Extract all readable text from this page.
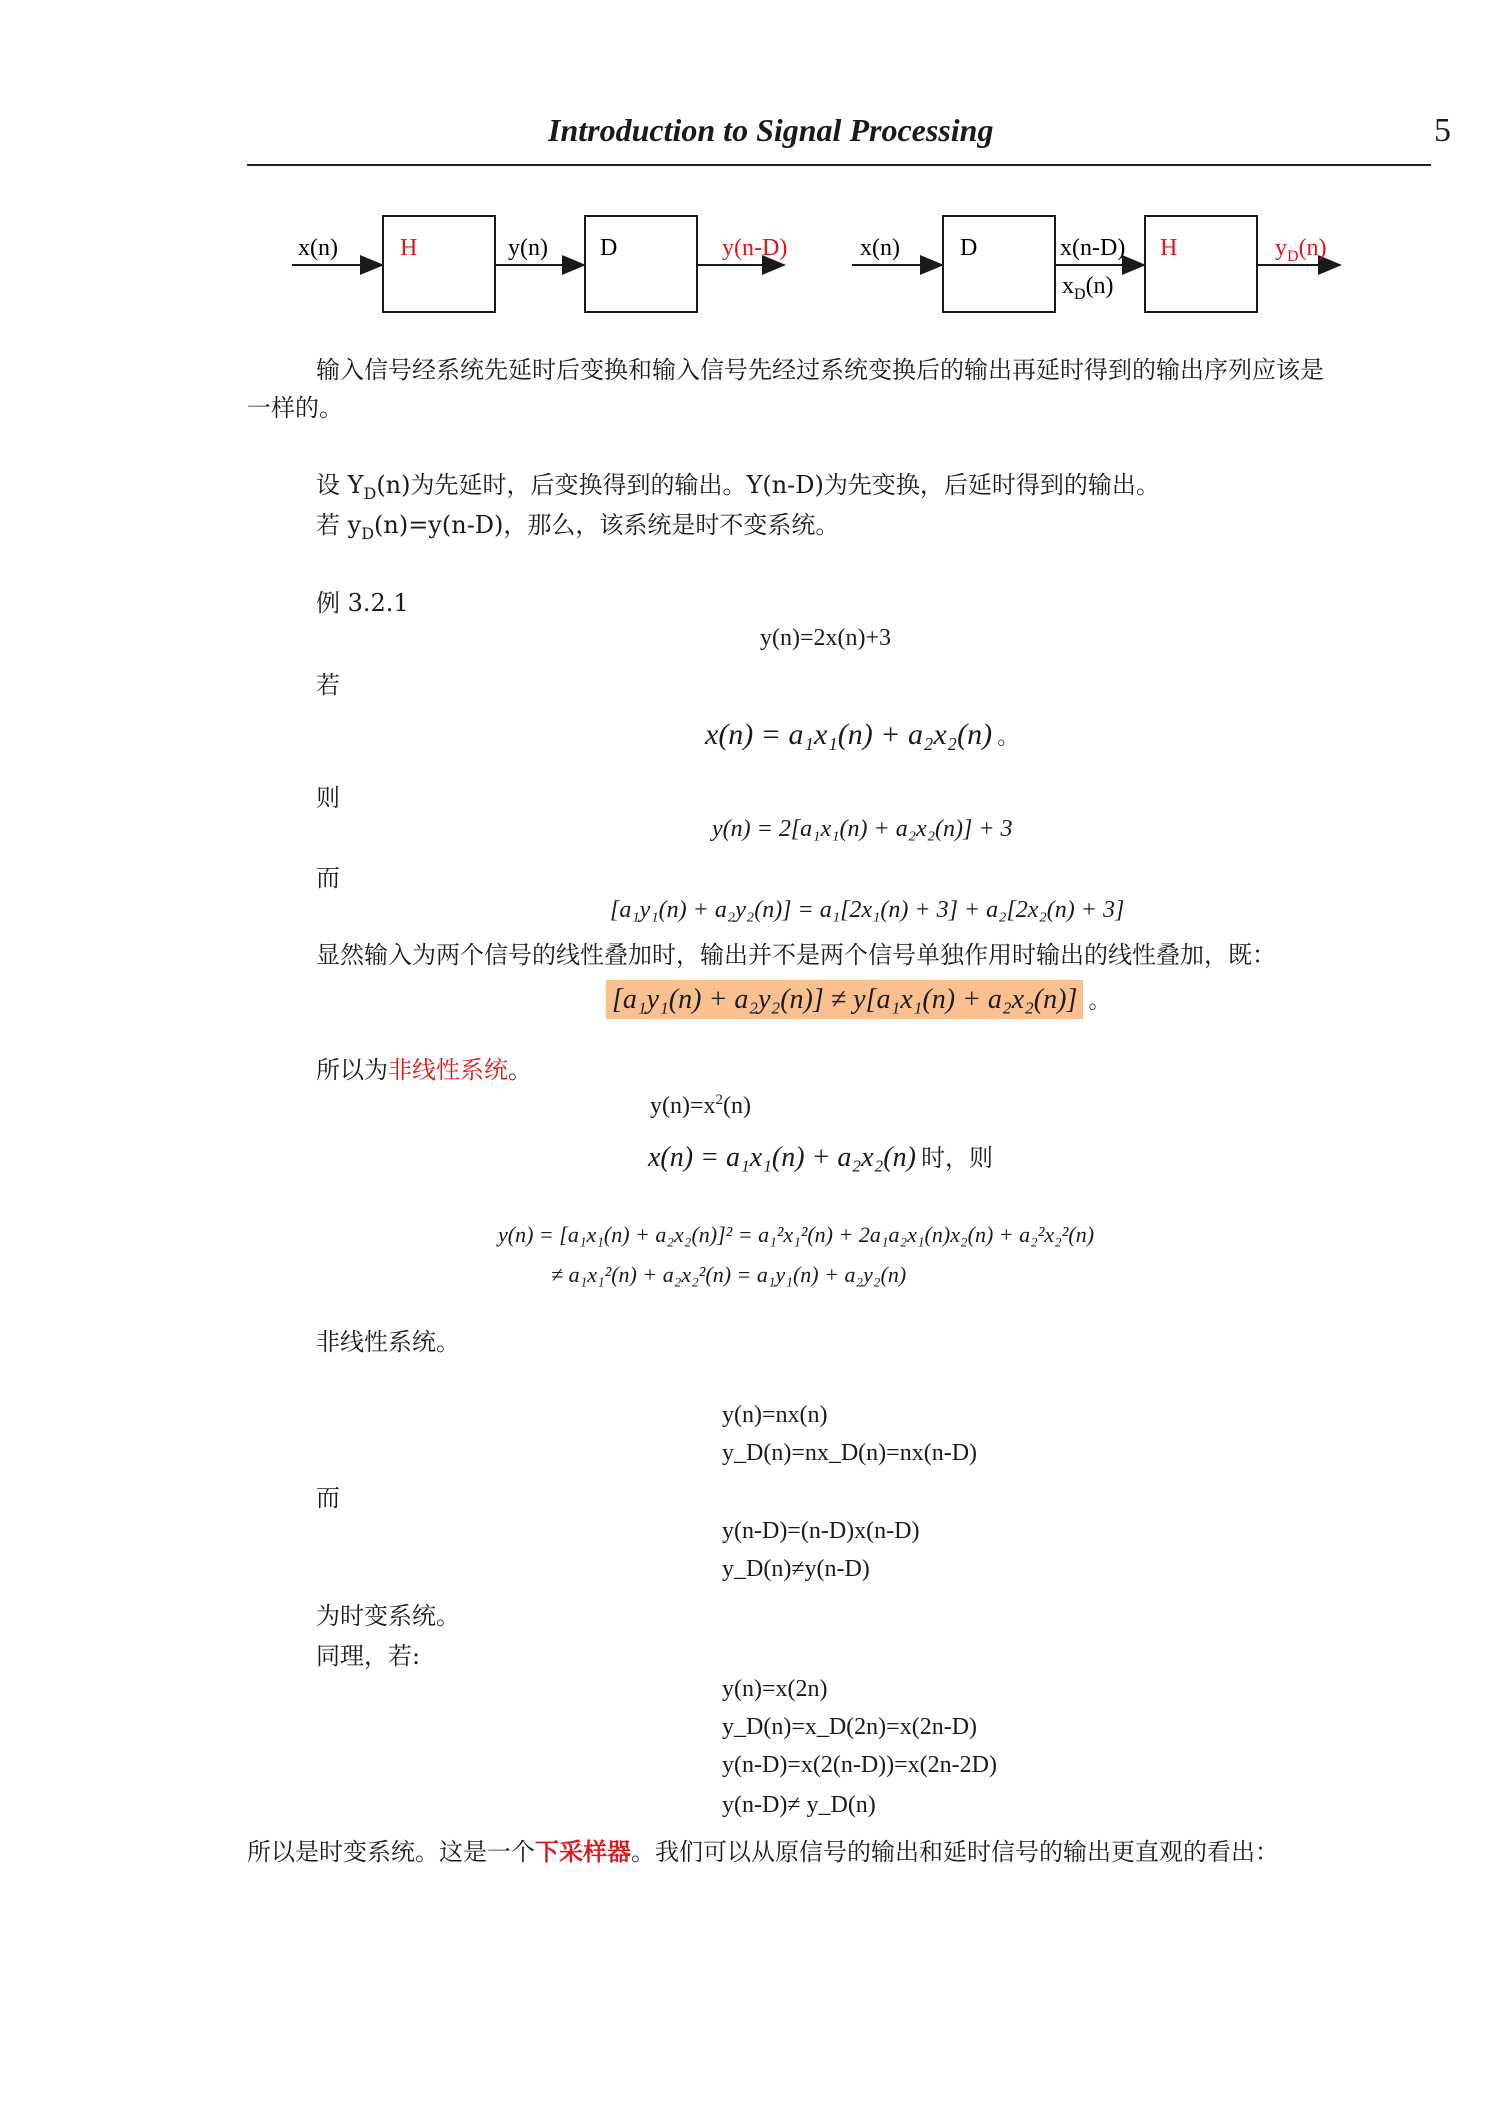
Introduction to Signal Processing	5
x(n)	H	y(n) D	y(n-D)	x(n)	D	x(n-D)
$x_D(n)$
H	$y_D(n)$
输入信号经系统先延时后变换和输入信号先经过系统变换后的输出再延时得到的输出序列应该是
一样的。
设 $Y_D(n)$为先延时，后变换得到的输出。Y(n-D)为先变换，后延时得到的输出。
若 $y_D(n)=y(n-D)$，那么，该系统是时不变系统。
例 3.2.1
y(n)=2x(n)+3
若
x(n) = a₁x₁(n) + a₂x₂(n) 。
则
y(n) = 2[a₁x₁(n) + a₂x₂(n)] + 3
而
[a₁y₁(n) + a₂y₂(n)] = a₁[2x₁(n) + 3] + a₂[2x₂(n) + 3]
显然输入为两个信号的线性叠加时，输出并不是两个信号单独作用时输出的线性叠加，既：
[a₁y₁(n) + a₂y₂(n)] ≠ y[a₁x₁(n) + a₂x₂(n)] 。
所以为非线性系统。
$y(n)=x^2(n)$
x(n) = a₁x₁(n) + a₂x₂(n) 时，则
y(n) = [a₁x₁(n) + a₂x₂(n)]² = a₁²x₁²(n) + 2a₁a₂x₁(n)x₂(n) + a₂²x₂²(n)
≠ a₁x₁²(n) + a₂x₂²(n) = a₁y₁(n) + a₂y₂(n)
非线性系统。
y(n)=nx(n)
y_D(n)=nx_D(n)=nx(n-D)
而
y(n-D)=(n-D)x(n-D)
y_D(n)≠y(n-D)
为时变系统。
同理，若:
y(n)=x(2n)
y_D(n)=x_D(2n)=x(2n-D)
y(n-D)=x(2(n-D))=x(2n-2D)
y(n-D)≠ y_D(n)
所以是时变系统。这是一个下采样器。我们可以从原信号的输出和延时信号的输出更直观的看出：
